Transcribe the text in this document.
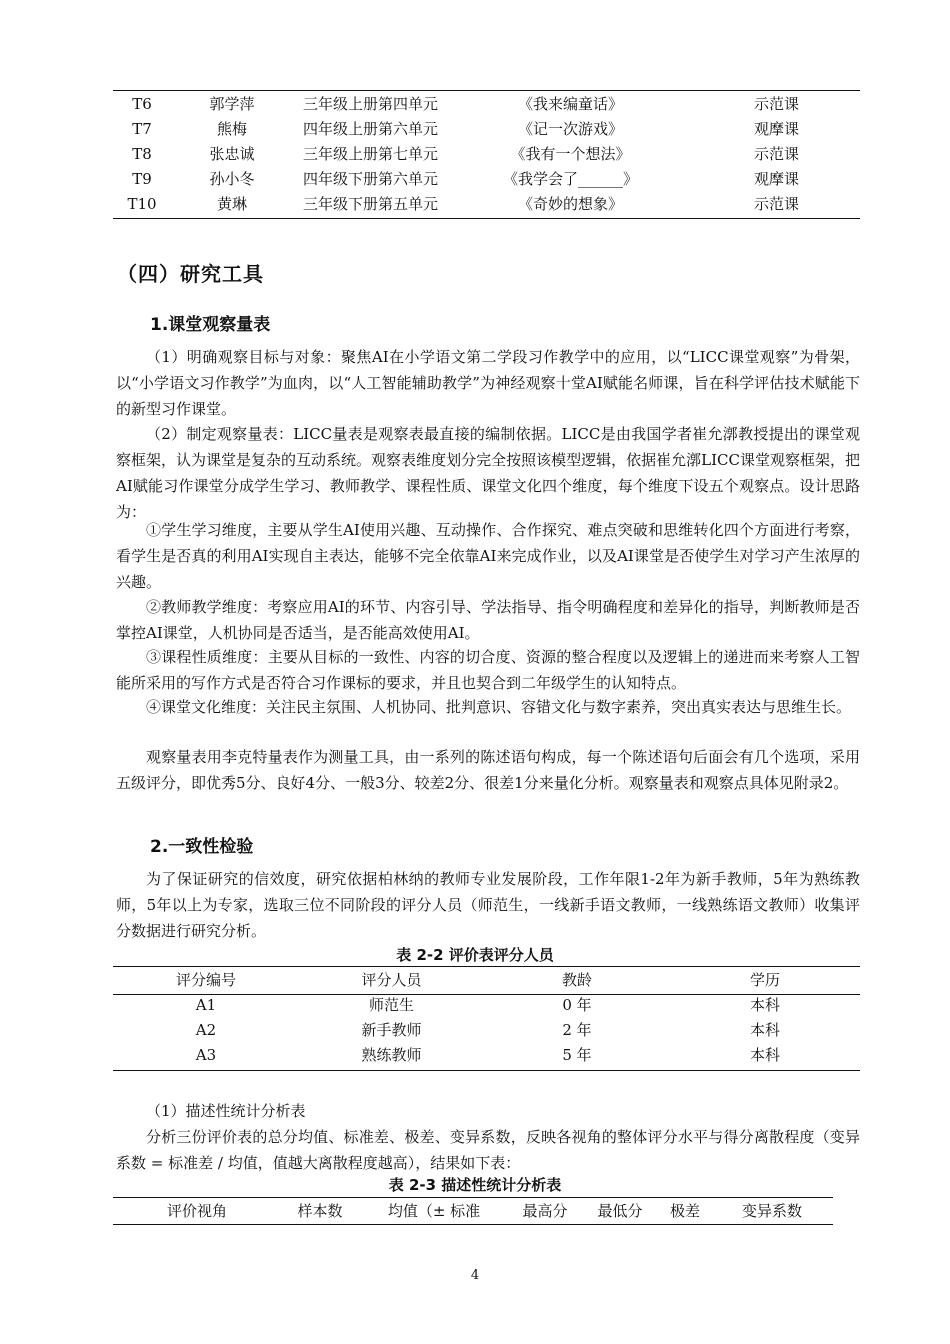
T6	郭学萍	三年级上册第四单元	《我来编童话》	示范课
T7	熊梅	四年级上册第六单元	《记一次游戏》	观摩课
T8	张忠诚	三年级上册第七单元	《我有一个想法》	示范课
T9	孙小冬	四年级下册第六单元	《我学会了______》	观摩课
T10	黄琳	三年级下册第五单元	《奇妙的想象》	示范课
（四）研究工具
1.课堂观察量表

（1）明确观察目标与对象：聚焦AI在小学语文第二学段习作教学中的应用，以“LICC课堂观察”为骨架，以“小学语文习作教学”为血肉，以“人工智能辅助教学”为神经观察十堂AI赋能名师课，旨在科学评估技术赋能下的新型习作课堂。

（2）制定观察量表：LICC量表是观察表最直接的编制依据。LICC是由我国学者崔允漷教授提出的课堂观察框架，认为课堂是复杂的互动系统。观察表维度划分完全按照该模型逻辑，依据崔允漷LICC课堂观察框架，把AI赋能习作课堂分成学生学习、教师教学、课程性质、课堂文化四个维度，每个维度下设五个观察点。设计思路为：

①学生学习维度，主要从学生AI使用兴趣、互动操作、合作探究、难点突破和思维转化四个方面进行考察，看学生是否真的利用AI实现自主表达，能够不完全依靠AI来完成作业，以及AI课堂是否使学生对学习产生浓厚的兴趣。

②教师教学维度：考察应用AI的环节、内容引导、学法指导、指令明确程度和差异化的指导，判断教师是否掌控AI课堂，人机协同是否适当，是否能高效使用AI。

③课程性质维度：主要从目标的一致性、内容的切合度、资源的整合程度以及逻辑上的递进而来考察人工智能所采用的写作方式是否符合习作课标的要求，并且也契合到二年级学生的认知特点。

④课堂文化维度：关注民主氛围、人机协同、批判意识、容错文化与数字素养，突出真实表达与思维生长。

观察量表用李克特量表作为测量工具，由一系列的陈述语句构成，每一个陈述语句后面会有几个选项，采用五级评分，即优秀5分、良好4分、一般3分、较差2分、很差1分来量化分析。观察量表和观察点具体见附录2。

2.一致性检验

为了保证研究的信效度，研究依据柏林纳的教师专业发展阶段，工作年限1-2年为新手教师，5年为熟练教师，5年以上为专家，选取三位不同阶段的评分人员（师范生，一线新手语文教师，一线熟练语文教师）收集评分数据进行研究分析。

表 2-2 评价表评分人员
评分编号	评分人员	教龄	学历
A1	师范生	0 年	本科
A2	新手教师	2 年	本科
A3	熟练教师	5 年	本科

（1）描述性统计分析表

分析三份评价表的总分均值、标准差、极差、变异系数，反映各视角的整体评分水平与得分离散程度（变异系数 = 标准差 / 均值，值越大离散程度越高），结果如下表：

表 2-3 描述性统计分析表
评价视角	样本数	均值（± 标准	最高分	最低分	极差	变异系数
4
